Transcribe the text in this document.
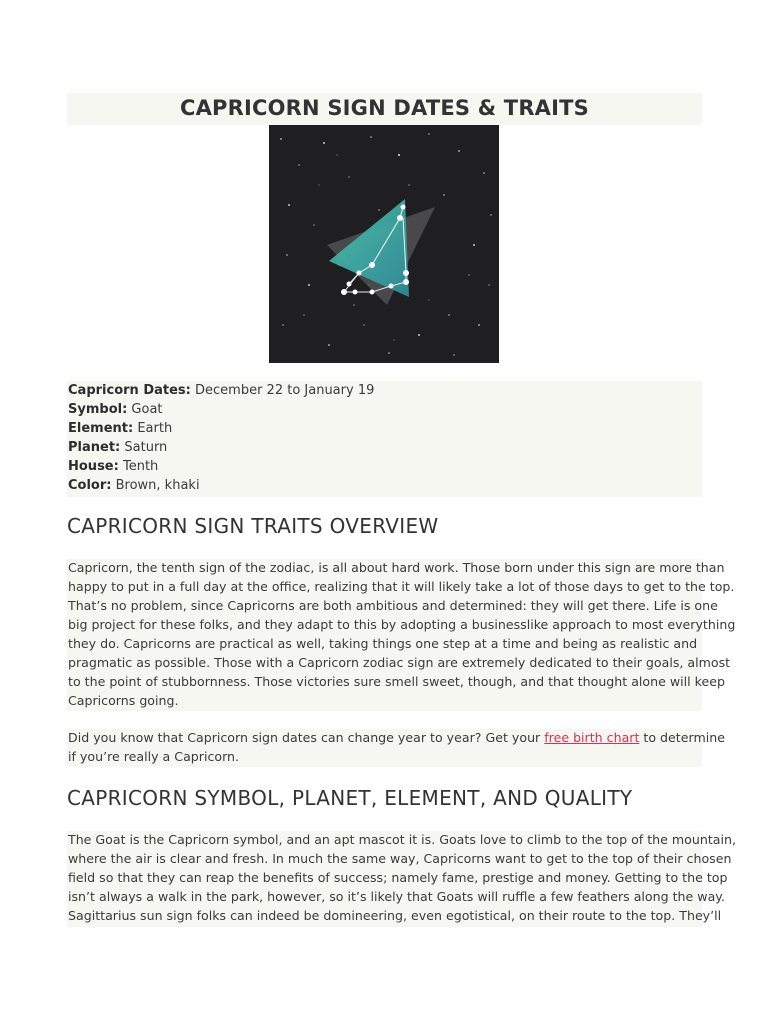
CAPRICORN SIGN DATES & TRAITS
Capricorn Dates: December 22 to January 19
Symbol: Goat
Element: Earth
Planet: Saturn
House: Tenth
Color: Brown, khaki
CAPRICORN SIGN TRAITS OVERVIEW
Capricorn, the tenth sign of the zodiac, is all about hard work. Those born under this sign are more than
happy to put in a full day at the office, realizing that it will likely take a lot of those days to get to the top.
That’s no problem, since Capricorns are both ambitious and determined: they will get there. Life is one
big project for these folks, and they adapt to this by adopting a businesslike approach to most everything
they do. Capricorns are practical as well, taking things one step at a time and being as realistic and
pragmatic as possible. Those with a Capricorn zodiac sign are extremely dedicated to their goals, almost
to the point of stubbornness. Those victories sure smell sweet, though, and that thought alone will keep
Capricorns going.
Did you know that Capricorn sign dates can change year to year? Get your free birth chart to determine
if you’re really a Capricorn.
CAPRICORN SYMBOL, PLANET, ELEMENT, AND QUALITY
The Goat is the Capricorn symbol, and an apt mascot it is. Goats love to climb to the top of the mountain,
where the air is clear and fresh. In much the same way, Capricorns want to get to the top of their chosen
field so that they can reap the benefits of success; namely fame, prestige and money. Getting to the top
isn’t always a walk in the park, however, so it’s likely that Goats will ruffle a few feathers along the way.
Sagittarius sun sign folks can indeed be domineering, even egotistical, on their route to the top. They’ll
